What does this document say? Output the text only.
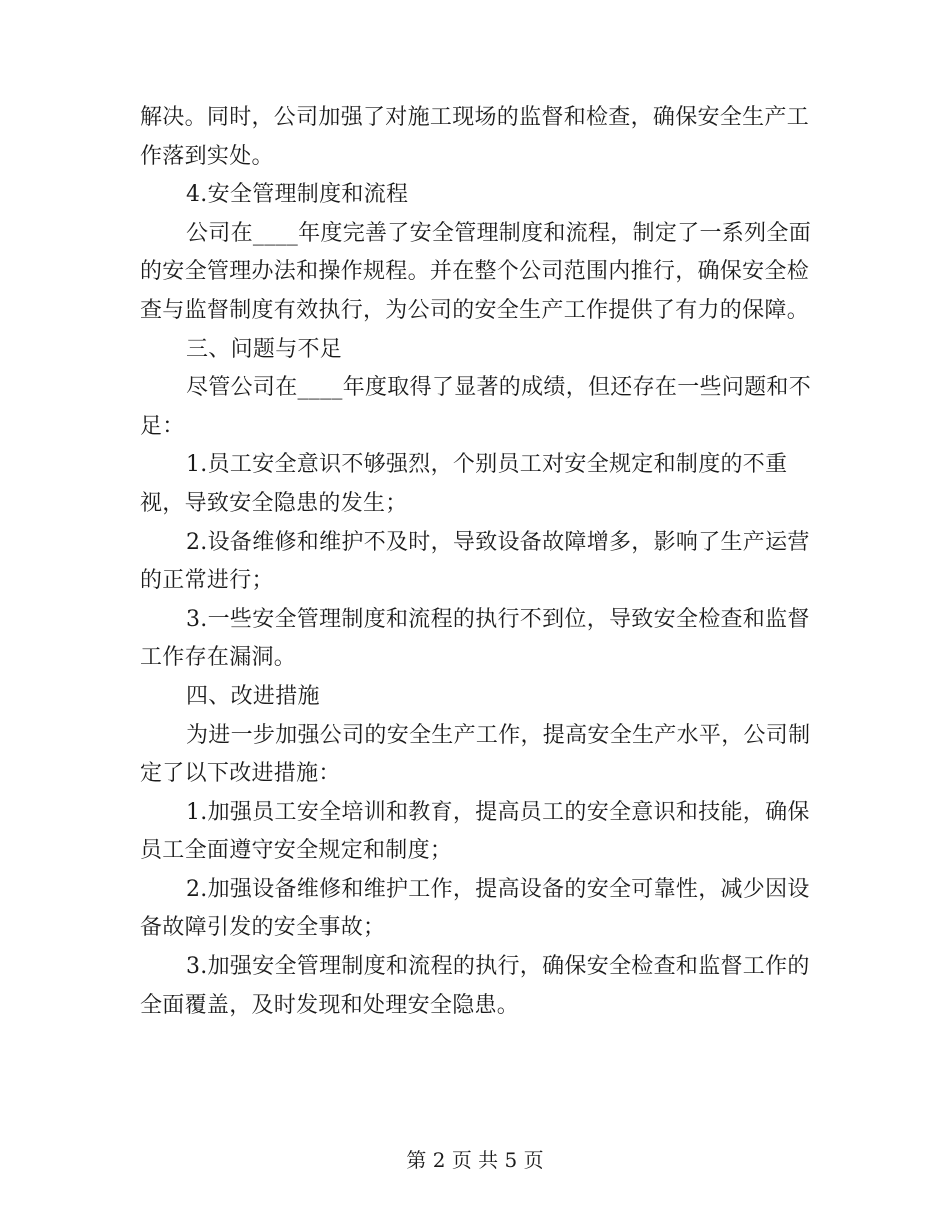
解决。同时，公司加强了对施工现场的监督和检查，确保安全生产工
作落到实处。
4.安全管理制度和流程
公司在____年度完善了安全管理制度和流程，制定了一系列全面
的安全管理办法和操作规程。并在整个公司范围内推行，确保安全检
查与监督制度有效执行，为公司的安全生产工作提供了有力的保障。
三、问题与不足
尽管公司在____年度取得了显著的成绩，但还存在一些问题和不
足：
1.员工安全意识不够强烈，个别员工对安全规定和制度的不重
视，导致安全隐患的发生；
2.设备维修和维护不及时，导致设备故障增多，影响了生产运营
的正常进行；
3.一些安全管理制度和流程的执行不到位，导致安全检查和监督
工作存在漏洞。
四、改进措施
为进一步加强公司的安全生产工作，提高安全生产水平，公司制
定了以下改进措施：
1.加强员工安全培训和教育，提高员工的安全意识和技能，确保
员工全面遵守安全规定和制度；
2.加强设备维修和维护工作，提高设备的安全可靠性，减少因设
备故障引发的安全事故；
3.加强安全管理制度和流程的执行，确保安全检查和监督工作的
全面覆盖，及时发现和处理安全隐患。
第 2 页 共 5 页
